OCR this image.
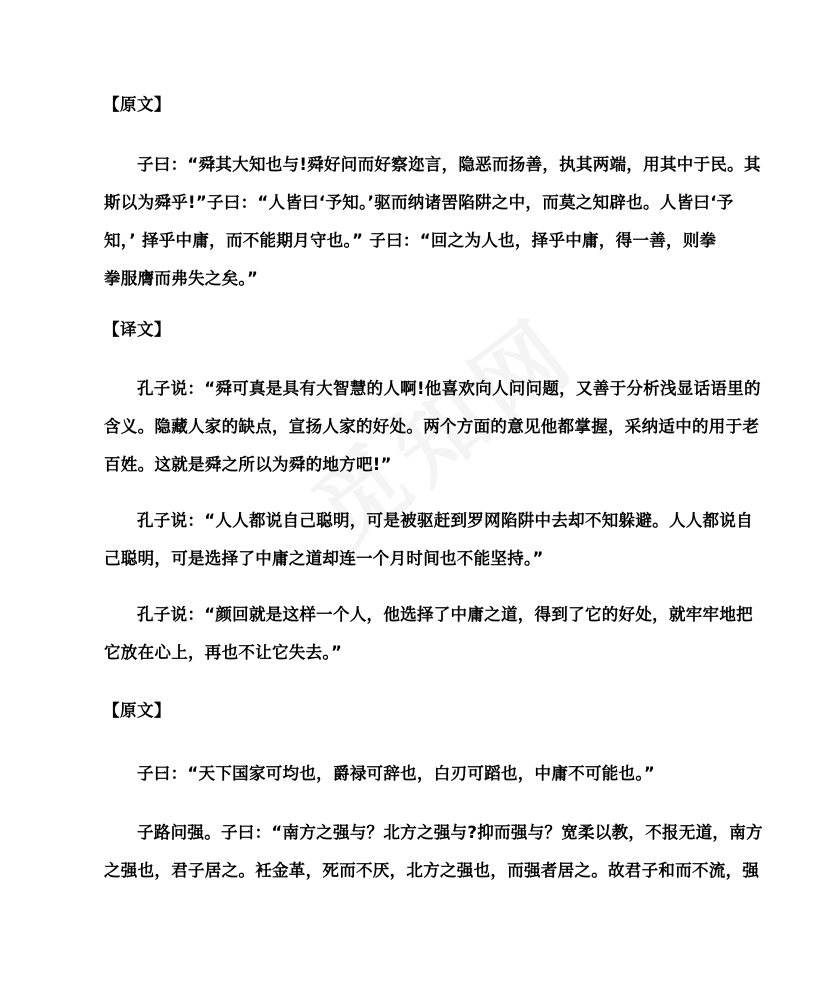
【原文】
子曰：“舜其大知也与!舜好问而好察迩言，隐恶而扬善，执其两端，用其中于民。其
斯以为舜乎!”子曰：“人皆曰‘予知。’驱而纳诸罟陷阱之中，而莫之知辟也。人皆曰‘予
知，’ 择乎中庸，而不能期月守也。” 子曰：“回之为人也，择乎中庸，得一善，则拳
拳服膺而弗失之矣。”
【译文】
孔子说：“舜可真是具有大智慧的人啊!他喜欢向人问问题，又善于分析浅显话语里的
含义。隐藏人家的缺点，宣扬人家的好处。两个方面的意见他都掌握，采纳适中的用于老
百姓。这就是舜之所以为舜的地方吧!”
孔子说：“人人都说自己聪明，可是被驱赶到罗网陷阱中去却不知躲避。人人都说自
己聪明，可是选择了中庸之道却连一个月时间也不能坚持。”
孔子说：“颜回就是这样一个人，他选择了中庸之道，得到了它的好处，就牢牢地把
它放在心上，再也不让它失去。”
【原文】
子曰：“天下国家可均也，爵禄可辞也，白刃可蹈也，中庸不可能也。”
子路问强。子曰：“南方之强与？北方之强与?抑而强与？宽柔以教，不报无道，南方
之强也，君子居之。衽金革，死而不厌，北方之强也，而强者居之。故君子和而不流，强
